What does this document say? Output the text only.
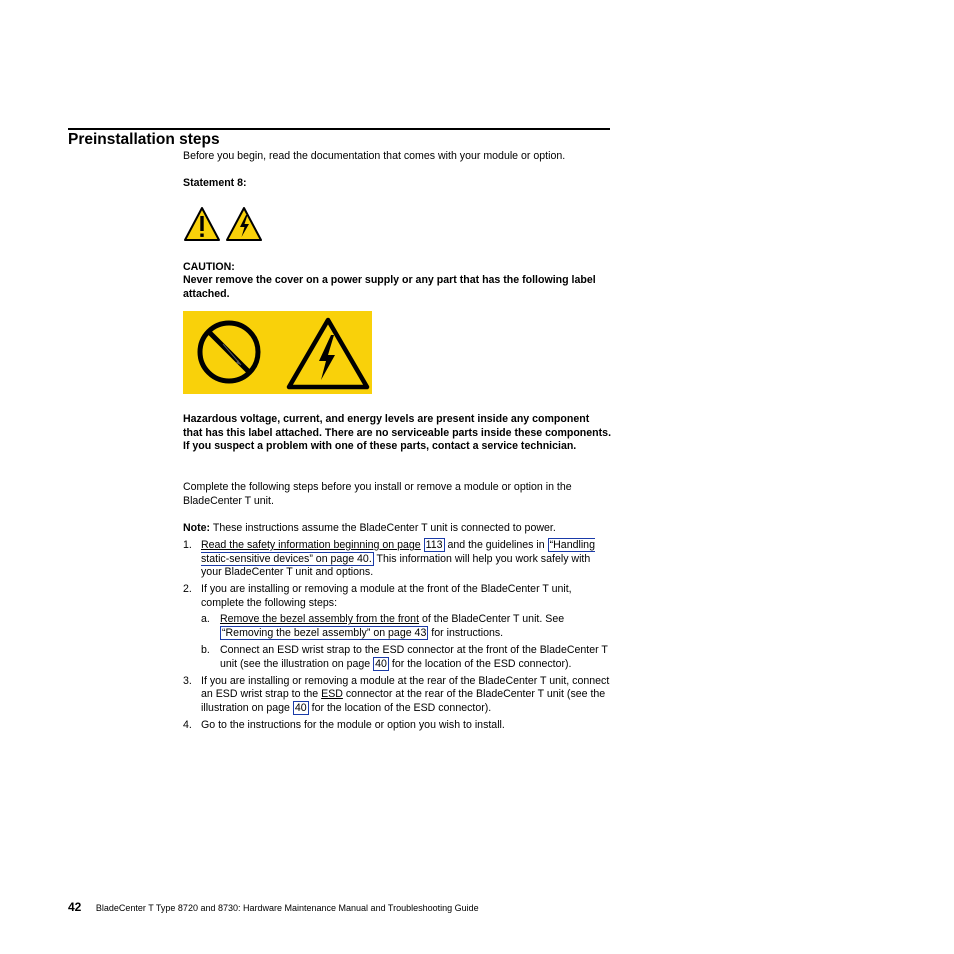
Preinstallation steps

Before you begin, read the documentation that comes with your module or option.

Statement 8:

CAUTION:

Never remove the cover on a power supply or any part that has the following label attached.

Hazardous voltage, current, and energy levels are present inside any component that has this label attached. There are no serviceable parts inside these components. If you suspect a problem with one of these parts, contact a service technician.

Complete the following steps before you install or remove a module or option in the BladeCenter T unit.

Note: These instructions assume the BladeCenter T unit is connected to power.

1. Read the safety information beginning on page 113 and the guidelines in “Handling static-sensitive devices” on page 40. This information will help you work safely with your BladeCenter T unit and options.
2. If you are installing or removing a module at the front of the BladeCenter T unit, complete the following steps:
a. Remove the bezel assembly from the front of the BladeCenter T unit. See “Removing the bezel assembly” on page 43 for instructions.
b. Connect an ESD wrist strap to the ESD connector at the front of the BladeCenter T unit (see the illustration on page 40 for the location of the ESD connector).
3. If you are installing or removing a module at the rear of the BladeCenter T unit, connect an ESD wrist strap to the ESD connector at the rear of the BladeCenter T unit (see the illustration on page 40 for the location of the ESD connector).
4. Go to the instructions for the module or option you wish to install.
42 BladeCenter T Type 8720 and 8730: Hardware Maintenance Manual and Troubleshooting Guide
